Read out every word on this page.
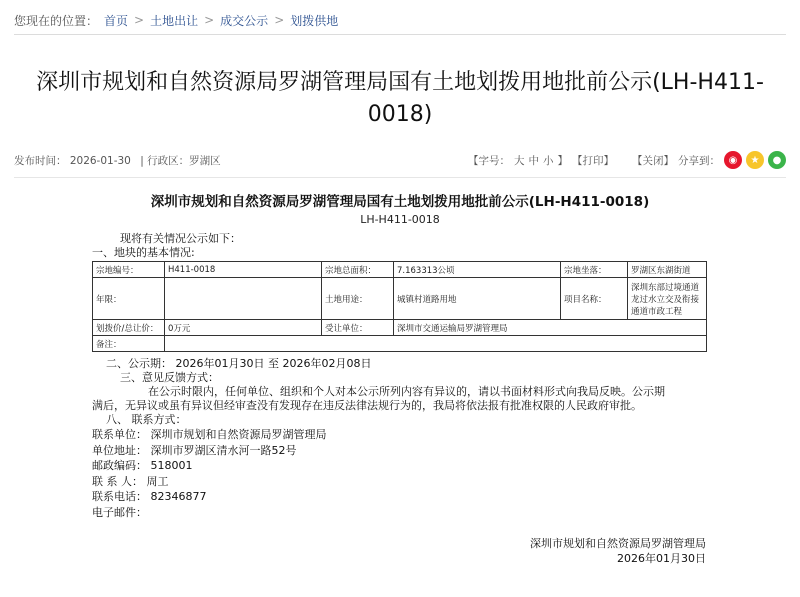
您现在的位置： 首页 > 土地出让 > 成交公示 > 划拨供地
深圳市规划和自然资源局罗湖管理局国有土地划拨用地批前公示(LH-H411-0018)
发布时间： 2026-01-30 | 行政区：罗湖区	【字号： 大 中 小 】 【打印】 【关闭】 分享到： ◉	★	●
深圳市规划和自然资源局罗湖管理局国有土地划拨用地批前公示(LH-H411-0018)
LH-H411-0018

现将有关情况公示如下：

一、地块的基本情况:

宗地编号：	H411-0018	宗地总面积：	7.163313公顷	宗地坐落：	罗湖区东湖街道
年限：		土地用途：	城镇村道路用地	项目名称：	深圳东部过境通道龙过水立交及衔接通道市政工程
划拨价/总让价：	0万元	受让单位：	深圳市交通运输局罗湖管理局		
备注：					

二、公示期： 2026年01月30日 至 2026年02月08日

三、意见反馈方式：

在公示时限内，任何单位、组织和个人对本公示所列内容有异议的，请以书面材料形式向我局反映。公示期

满后，无异议或虽有异议但经审查没有发现存在违反法律法规行为的，我局将依法报有批准权限的人民政府审批。

八、 联系方式：

联系单位： 深圳市规划和自然资源局罗湖管理局

单位地址： 深圳市罗湖区清水河一路52号

邮政编码： 518001

联 系 人： 周工

联系电话： 82346877

电子邮件：

深圳市规划和自然资源局罗湖管理局
2026年01月30日
